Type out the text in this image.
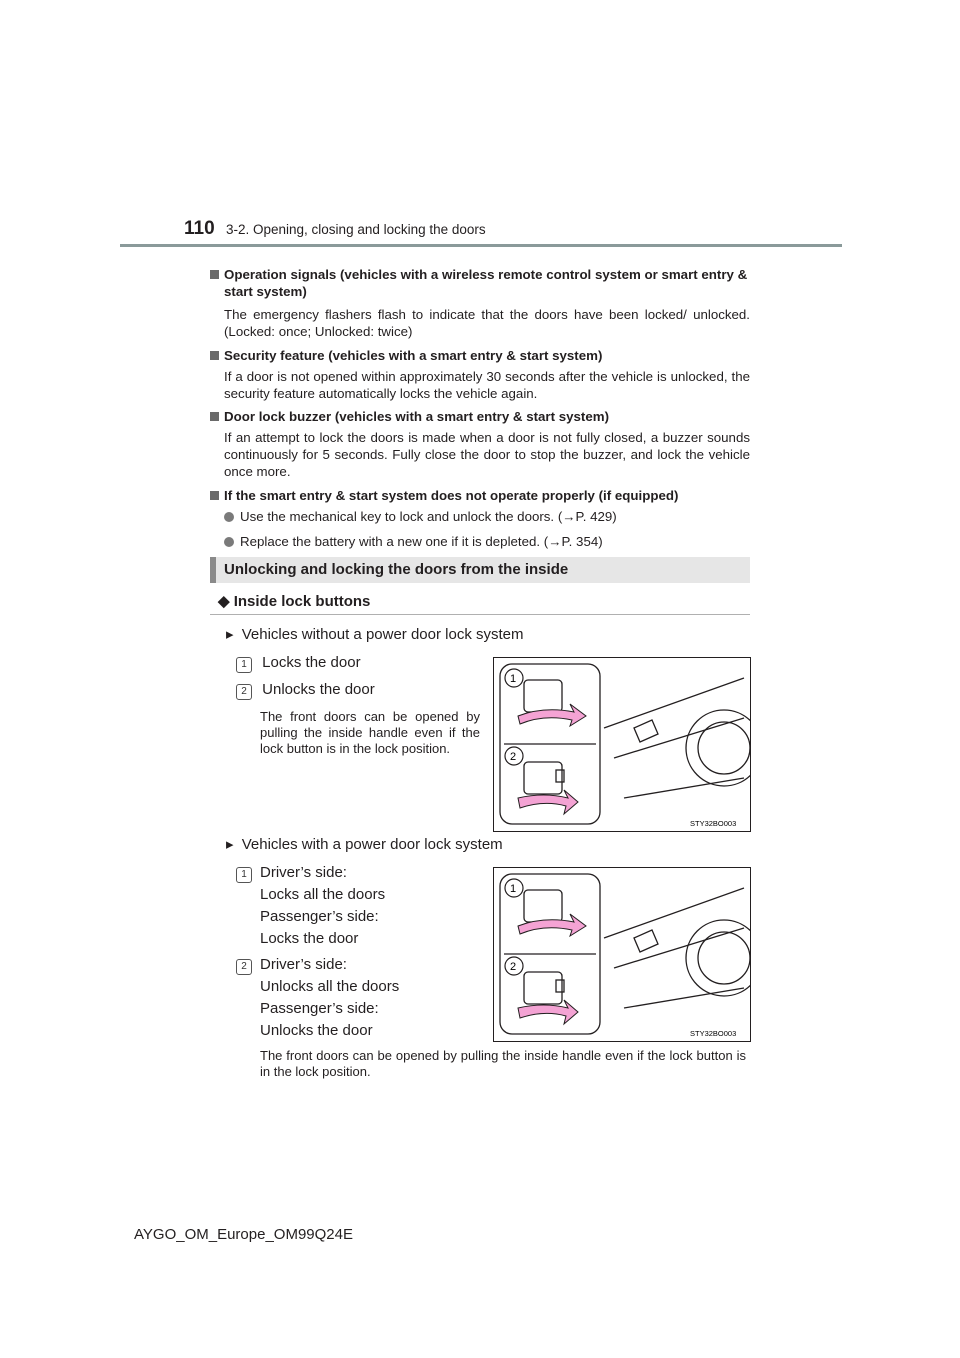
110 3-2. Opening, closing and locking the doors
Operation signals (vehicles with a wireless remote control system or smart entry & start system)
The emergency flashers flash to indicate that the doors have been locked/ unlocked. (Locked: once; Unlocked: twice)
Security feature (vehicles with a smart entry & start system)
If a door is not opened within approximately 30 seconds after the vehicle is unlocked, the security feature automatically locks the vehicle again.
Door lock buzzer (vehicles with a smart entry & start system)
If an attempt to lock the doors is made when a door is not fully closed, a buzzer sounds continuously for 5 seconds. Fully close the door to stop the buzzer, and lock the vehicle once more.
If the smart entry & start system does not operate properly (if equipped)
Use the mechanical key to lock and unlock the doors. (→P. 429)
Replace the battery with a new one if it is depleted. (→P. 354)
Unlocking and locking the doors from the inside
◆ Inside lock buttons
▸ Vehicles without a power door lock system
1 Locks the door
2 Unlocks the door
The front doors can be opened by pulling the inside handle even if the lock button is in the lock position.
1
2
STY32BO003
▸ Vehicles with a power door lock system
1 Driver’s side:
Locks all the doors
Passenger’s side:
Locks the door
2 Driver’s side:
Unlocks all the doors
Passenger’s side:
Unlocks the door
1
2
STY32BO003
The front doors can be opened by pulling the inside handle even if the lock button is in the lock position.
AYGO_OM_Europe_OM99Q24E
